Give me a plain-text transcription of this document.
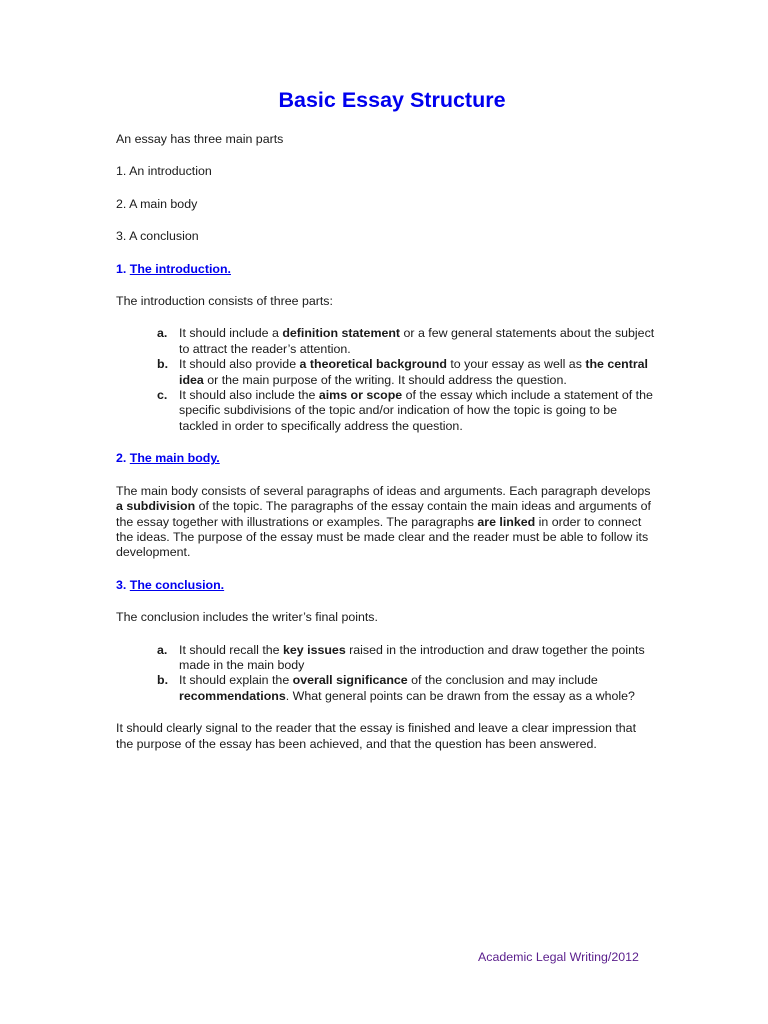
Basic Essay Structure

An essay has three main parts

1. An introduction

2. A main body

3. A conclusion

1. The introduction.

The introduction consists of three parts:

a. It should include a definition statement or a few general statements about the subject to attract the reader’s attention.
b. It should also provide a theoretical background to your essay as well as the central idea or the main purpose of the writing. It should address the question.
c. It should also include the aims or scope of the essay which include a statement of the specific subdivisions of the topic and/or indication of how the topic is going to be tackled in order to specifically address the question.

2. The main body.

The main body consists of several paragraphs of ideas and arguments. Each paragraph develops a subdivision of the topic. The paragraphs of the essay contain the main ideas and arguments of the essay together with illustrations or examples. The paragraphs are linked in order to connect the ideas. The purpose of the essay must be made clear and the reader must be able to follow its development.

3. The conclusion.

The conclusion includes the writer’s final points.

a. It should recall the key issues raised in the introduction and draw together the points made in the main body
b. It should explain the overall significance of the conclusion and may include recommendations. What general points can be drawn from the essay as a whole?

It should clearly signal to the reader that the essay is finished and leave a clear impression that the purpose of the essay has been achieved, and that the question has been answered.

Academic Legal Writing/2012
